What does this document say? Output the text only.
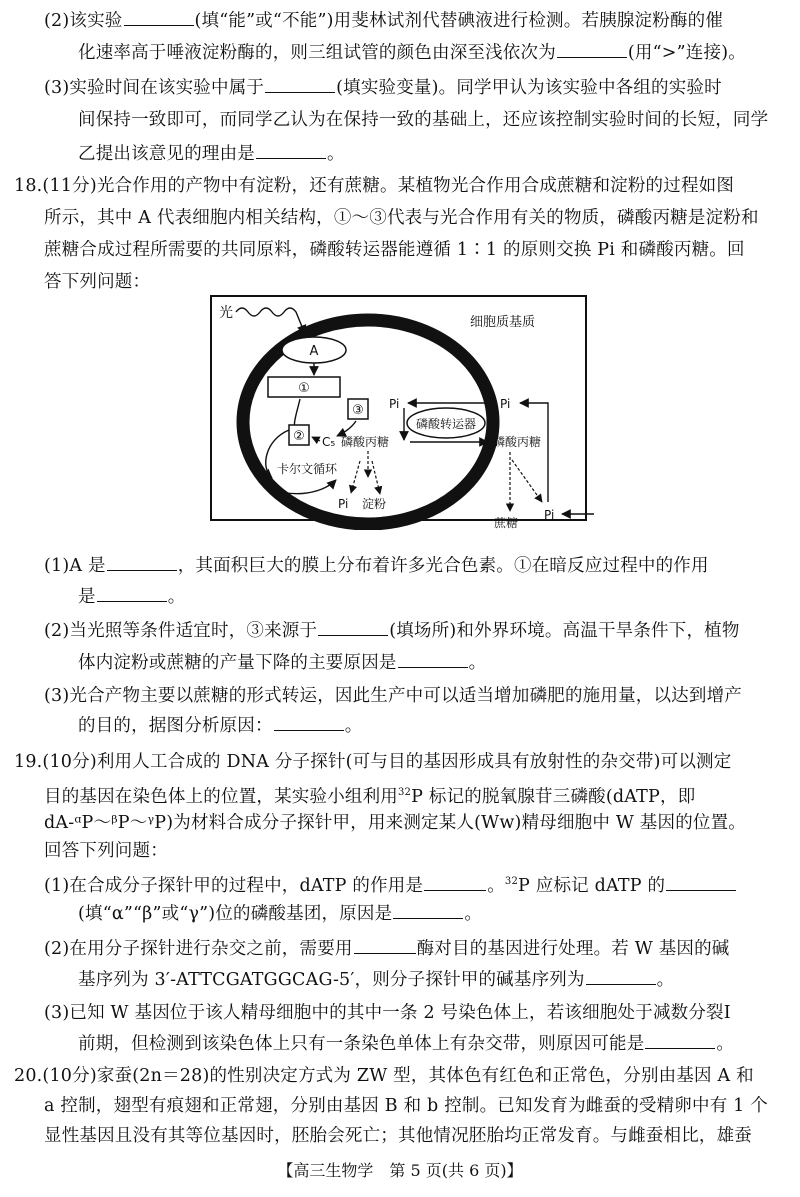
(2)该实验	(填“能”或“不能”)用斐林试剂代替碘液进行检测。若胰腺淀粉酶的催
化速率高于唾液淀粉酶的，则三组试管的颜色由深至浅依次为	(用“>”连接)。
(3)实验时间在该实验中属于	(填实验变量)。同学甲认为该实验中各组的实验时
间保持一致即可，而同学乙认为在保持一致的基础上，还应该控制实验时间的长短，同学
乙提出该意见的理由是	。
18.(11分)光合作用的产物中有淀粉，还有蔗糖。某植物光合作用合成蔗糖和淀粉的过程如图
所示，其中 A 代表细胞内相关结构，①～③代表与光合作用有关的物质，磷酸丙糖是淀粉和
蔗糖合成过程所需要的共同原料，磷酸转运器能遵循 1∶1 的原则交换 Pi 和磷酸丙糖。回
答下列问题：
细胞质基质
光
A
①
③
② C₅
卡尔文循环
磷酸丙糖
Pi 淀粉
磷酸转运器
Pi	Pi
磷酸丙糖
蔗糖
Pi
(1)A 是	，其面积巨大的膜上分布着许多光合色素。①在暗反应过程中的作用
是	。
(2)当光照等条件适宜时，③来源于	(填场所)和外界环境。高温干旱条件下，植物
体内淀粉或蔗糖的产量下降的主要原因是	。
(3)光合产物主要以蔗糖的形式转运，因此生产中可以适当增加磷肥的施用量，以达到增产
的目的，据图分析原因：	。
19.(10分)利用人工合成的 DNA 分子探针(可与目的基因形成具有放射性的杂交带)可以测定
目的基因在染色体上的位置，某实验小组利用$^{32}$P 标记的脱氧腺苷三磷酸(dATP，即
dA-ᵅP～ᵝP～ᵞP)为材料合成分子探针甲，用来测定某人(Ww)精母细胞中 W 基因的位置。
回答下列问题：
(1)在合成分子探针甲的过程中，dATP 的作用是	。$^{32}$P 应标记 dATP 的
(填“α”“β”或“γ”)位的磷酸基团，原因是	。
(2)在用分子探针进行杂交之前，需要用	酶对目的基因进行处理。若 W 基因的碱
基序列为 3′-ATTCGATGGCAG-5′，则分子探针甲的碱基序列为	。
(3)已知 W 基因位于该人精母细胞中的其中一条 2 号染色体上，若该细胞处于减数分裂Ⅰ
前期，但检测到该染色体上只有一条染色单体上有杂交带，则原因可能是	。
20.(10分)家蚕(2n＝28)的性别决定方式为 ZW 型，其体色有红色和正常色，分别由基因 A 和
a 控制，翅型有痕翅和正常翅，分别由基因 B 和 b 控制。已知发育为雌蚕的受精卵中有 1 个
显性基因且没有其等位基因时，胚胎会死亡；其他情况胚胎均正常发育。与雌蚕相比，雄蚕
【高三生物学　第 5 页(共 6 页)】
